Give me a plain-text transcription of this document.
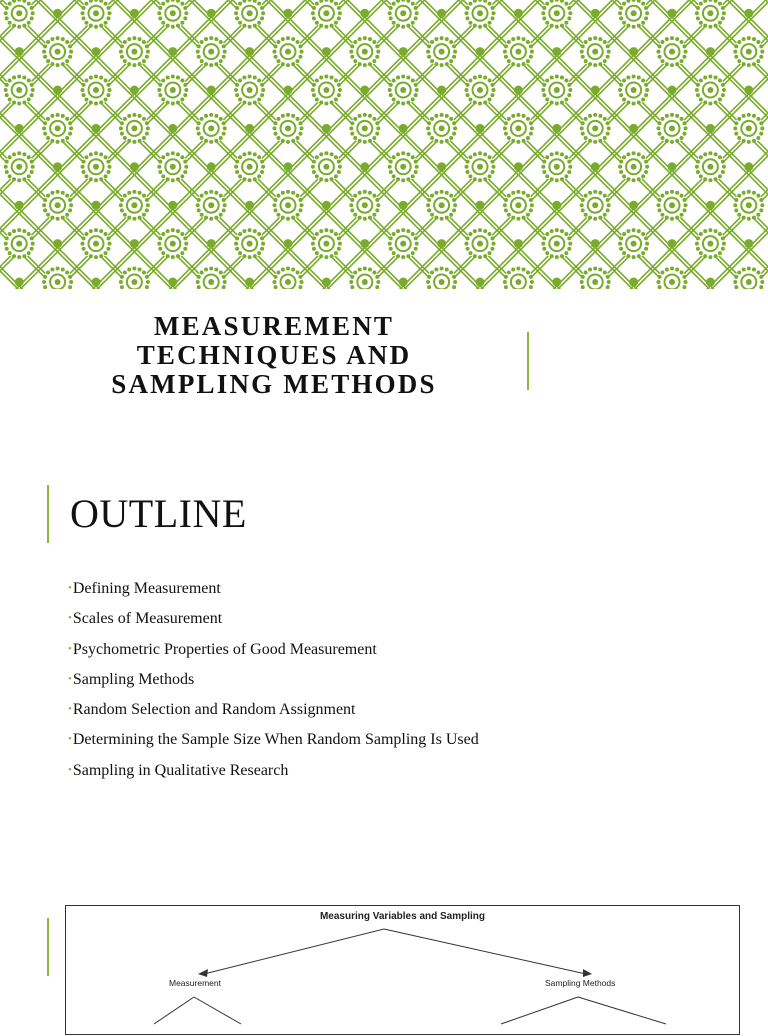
MEASUREMENT
TECHNIQUES AND
SAMPLING METHODS
OUTLINE
•Defining Measurement
•Scales of Measurement
•Psychometric Properties of Good Measurement
•Sampling Methods
•Random Selection and Random Assignment
•Determining the Sample Size When Random Sampling Is Used
•Sampling in Qualitative Research
Measuring Variables and Sampling
Measurement	Sampling Methods
